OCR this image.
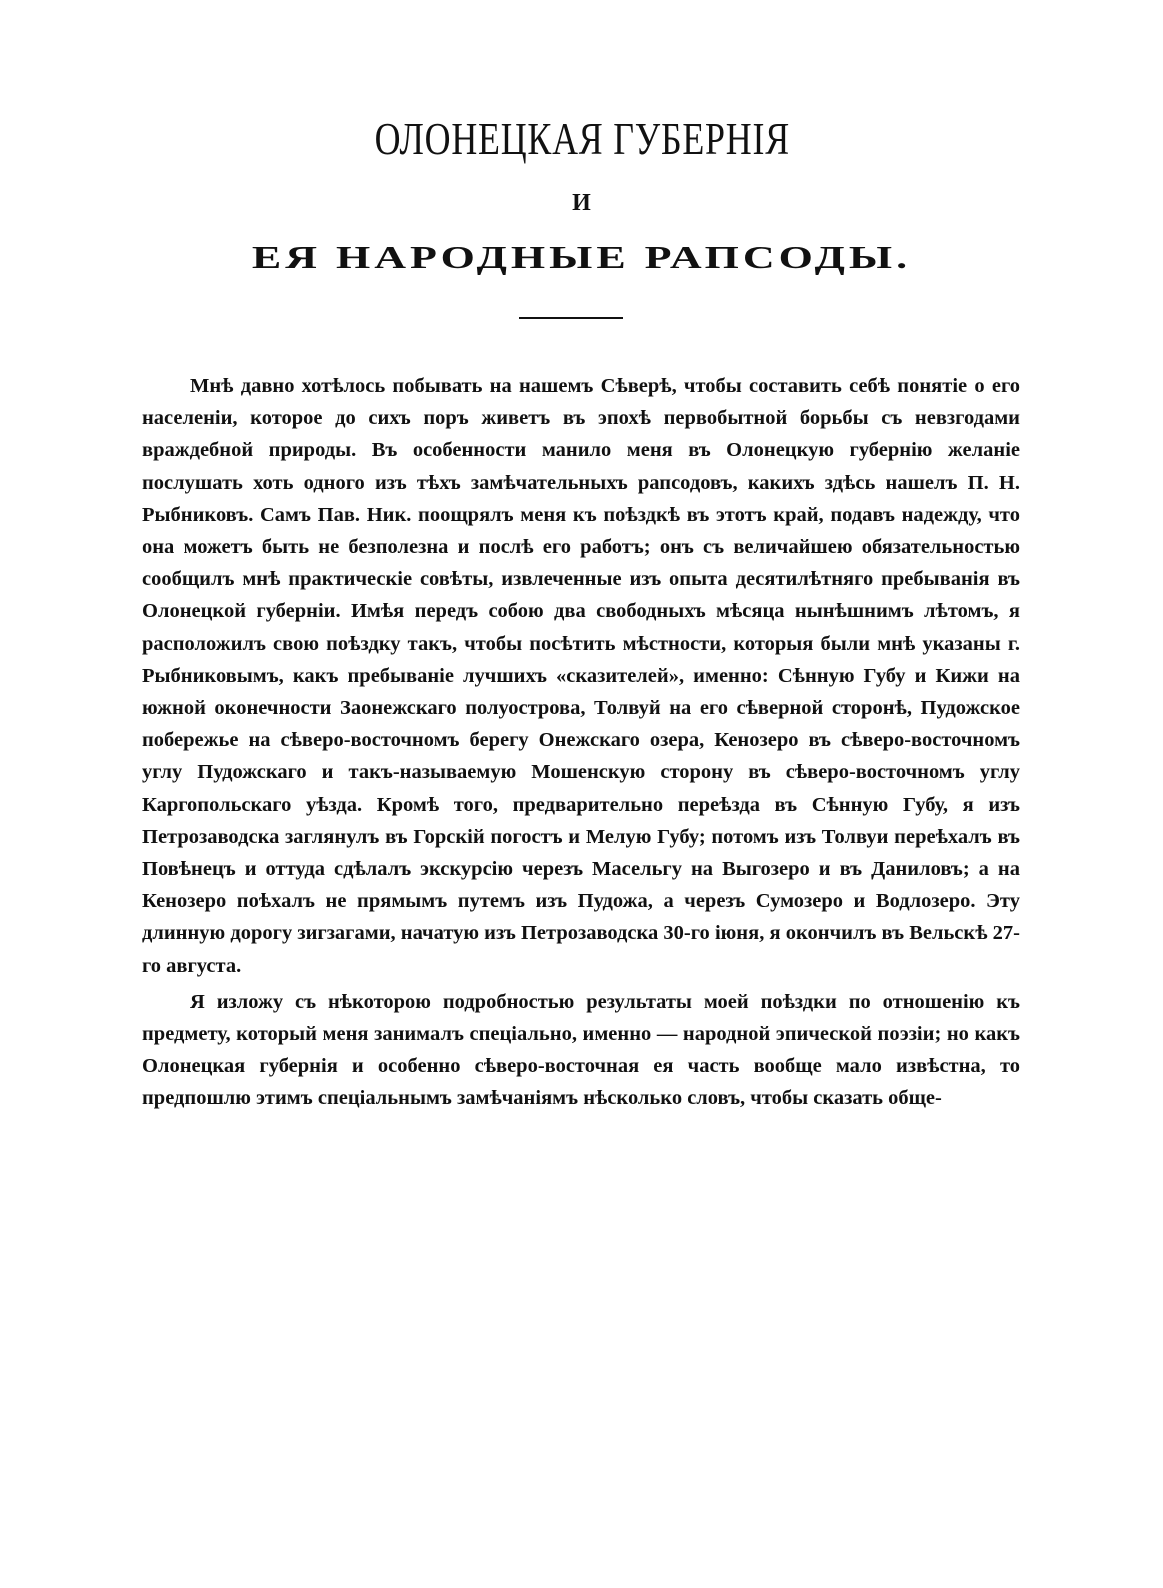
ОЛОНЕЦКАЯ ГУБЕРНІЯ
И
ЕЯ НАРОДНЫЕ РАПСОДЫ.

Мнѣ давно хотѣлось побывать на нашемъ Сѣверѣ, чтобы составить себѣ понятіе о его населеніи, которое до сихъ поръ живетъ въ эпохѣ первобытной борьбы съ невзгодами враждебной природы. Въ особенности манило меня въ Олонецкую губернію желаніе послушать хоть одного изъ тѣхъ замѣчательныхъ рапсодовъ, какихъ здѣсь нашелъ П. Н. Рыбниковъ. Самъ Пав. Ник. поощрялъ меня къ поѣздкѣ въ этотъ край, подавъ надежду, что она можетъ быть не безполезна и послѣ его работъ; онъ съ величайшею обязательностью сообщилъ мнѣ практическіе совѣты, извлеченные изъ опыта десятилѣтняго пребыванія въ Олонецкой губерніи. Имѣя передъ собою два свободныхъ мѣсяца нынѣшнимъ лѣтомъ, я расположилъ свою поѣздку такъ, чтобы посѣтить мѣстности, которыя были мнѣ указаны г. Рыбниковымъ, какъ пребываніе лучшихъ «сказителей», именно: Сѣнную Губу и Кижи на южной оконечности Заонежскаго полуострова, Толвуй на его сѣверной сторонѣ, Пудожское побережье на сѣверо-восточномъ берегу Онежскаго озера, Кенозеро въ сѣверо-восточномъ углу Пудожскаго и такъ-называемую Мошенскую сторону въ сѣверо-восточномъ углу Каргопольскаго уѣзда. Кромѣ того, предварительно переѣзда въ Сѣнную Губу, я изъ Петрозаводска заглянулъ въ Горскій погостъ и Мелую Губу; потомъ изъ Толвуи переѣхалъ въ Повѣнецъ и оттуда сдѣлалъ экскурсію черезъ Масельгу на Выгозеро и въ Даниловъ; а на Кенозеро поѣхалъ не прямымъ путемъ изъ Пудожа, а черезъ Сумозеро и Водлозеро. Эту длинную дорогу зигзагами, начатую изъ Петрозаводска 30-го іюня, я окончилъ въ Вельскѣ 27-го августа.

Я изложу съ нѣкоторою подробностью результаты моей поѣздки по отношенію къ предмету, который меня занималъ спеціально, именно — народной эпической поэзіи; но какъ Олонецкая губернія и особенно сѣверо-восточная ея часть вообще мало извѣстна, то предпошлю этимъ спеціальнымъ замѣчаніямъ нѣсколько словъ, чтобы сказать обще-
